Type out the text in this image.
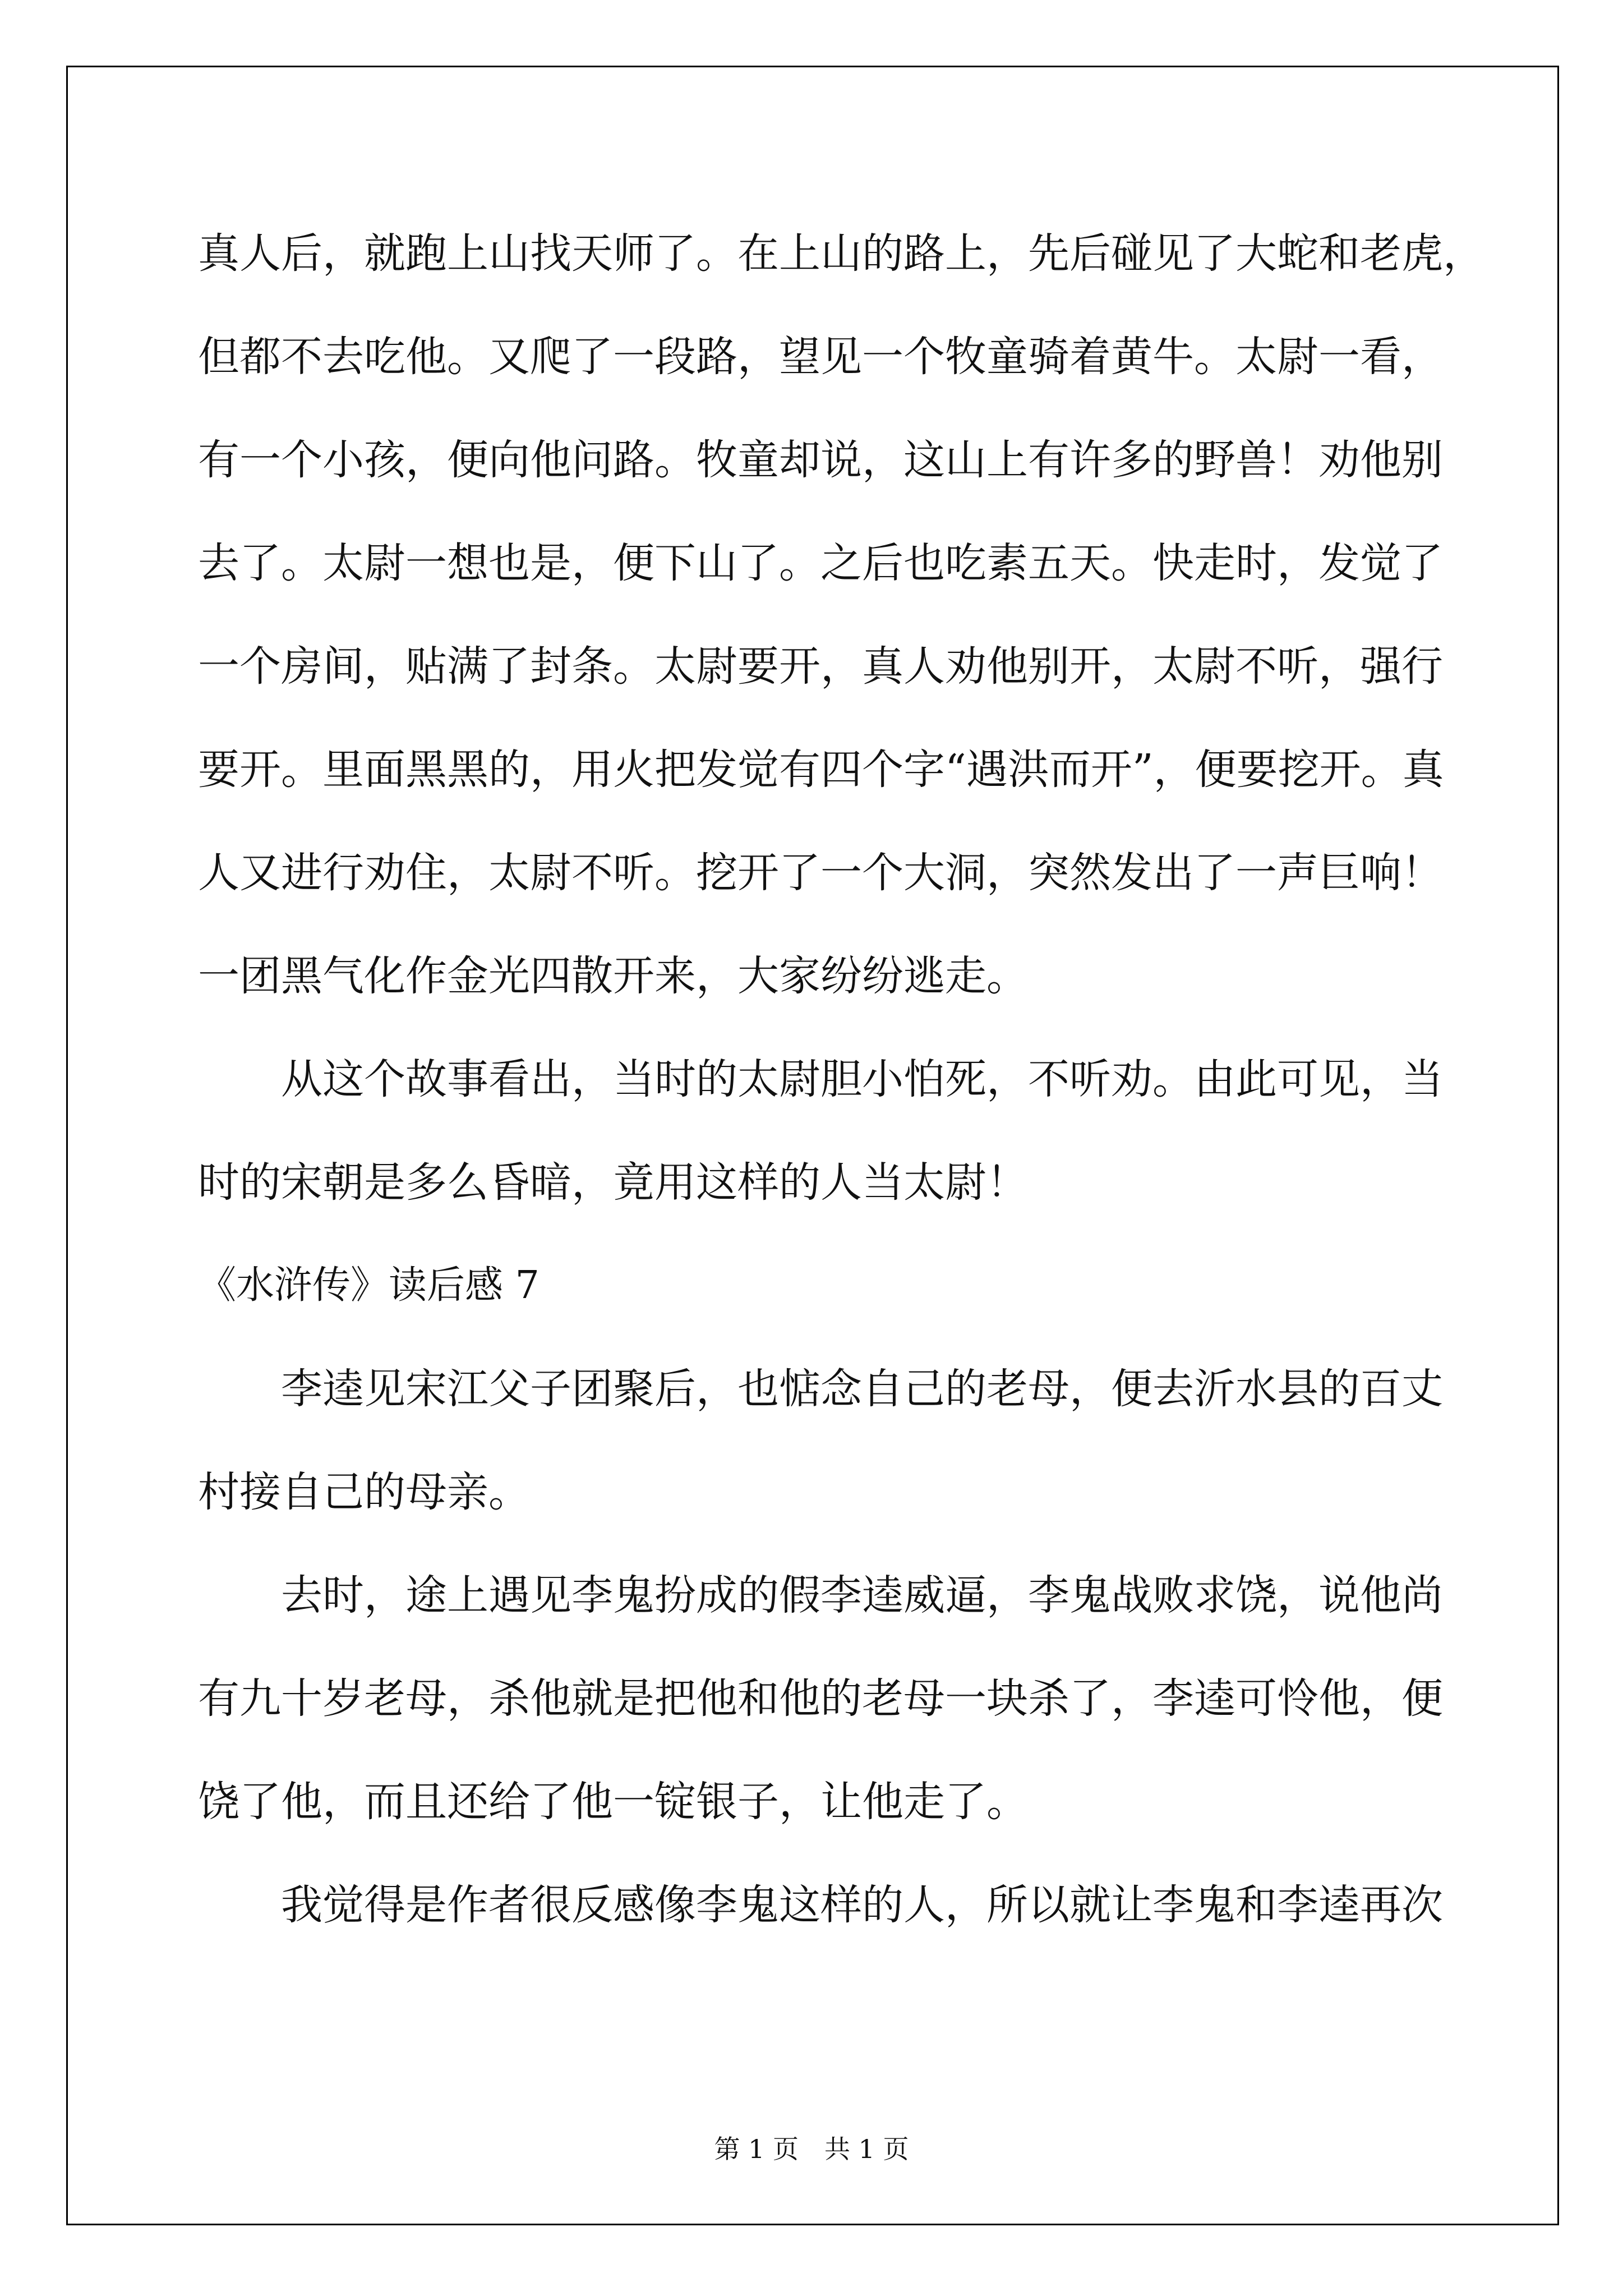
真人后，就跑上山找天师了。在上山的路上，先后碰见了大蛇和老虎，
但都不去吃他。又爬了一段路，望见一个牧童骑着黄牛。太尉一看，
有一个小孩，便向他问路。牧童却说，这山上有许多的野兽！劝他别
去了。太尉一想也是，便下山了。之后也吃素五天。快走时，发觉了
一个房间，贴满了封条。太尉要开，真人劝他别开，太尉不听，强行
要开。里面黑黑的，用火把发觉有四个字“遇洪而开”，便要挖开。真
人又进行劝住，太尉不听。挖开了一个大洞，突然发出了一声巨响！
一团黑气化作金光四散开来，大家纷纷逃走。
从这个故事看出，当时的太尉胆小怕死，不听劝。由此可见，当
时的宋朝是多么昏暗，竟用这样的人当太尉！
《水浒传》读后感 7
李逵见宋江父子团聚后，也惦念自己的老母，便去沂水县的百丈
村接自己的母亲。
去时，途上遇见李鬼扮成的假李逵威逼，李鬼战败求饶，说他尚
有九十岁老母，杀他就是把他和他的老母一块杀了，李逵可怜他，便
饶了他，而且还给了他一锭银子，让他走了。
我觉得是作者很反感像李鬼这样的人，所以就让李鬼和李逵再次
第 1 页　共 1 页
